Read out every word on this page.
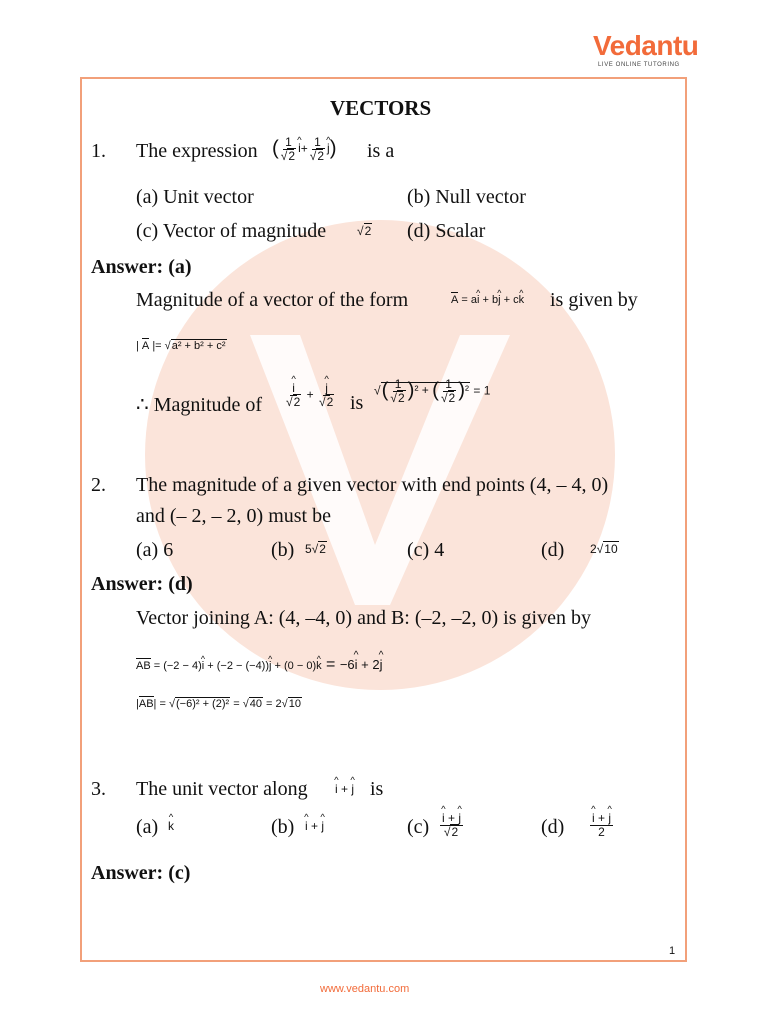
Vedantu
LIVE ONLINE TUTORING
VECTORS
1. The expression ( $\frac{1}{√2}$ ^ $i+ \frac{1}{√2}$ ^ j) is a
(a) Unit vector	(b) Null vector
(c) Vector of magnitude	√2 (d) Scalar
Answer: (a)
Magnitude of a vector of the form	A = a^ i + b^ j + c^ k is given by
| A |= √a² + b² + c²
∴ Magnitude of ^ $\frac{i}{√2}$ + ^ $\frac{j}{√2}$ is
√( $\frac{1}{√2} )^2$ + ( $\frac{1}{√2} )^2 = 1$
2. The magnitude of a given vector with end points (4, – 4, 0)
and (– 2, – 2, 0) must be
(a) 6	(b) 5√2	(c) 4	(d) 2√10
Answer: (d)
Vector joining A: (4, –4, 0) and B: (–2, –2, 0) is given by
AB = (−2 − 4)^ i + (−2 − (−4))^ j + (0 − 0)^ k = −6^ i + 2^ j
|AB| = √(−6)² + (2)² = √40 = 2√10
3. The unit vector along ^ i + ^ j is
(a) ^ k	(b) ^ i + ^ j	(c) ^ $\frac{i + \^{} j}{√2}$	(d) ^ $\frac{i + \^{} j}{2}$
Answer: (c)
1
www.vedantu.com
